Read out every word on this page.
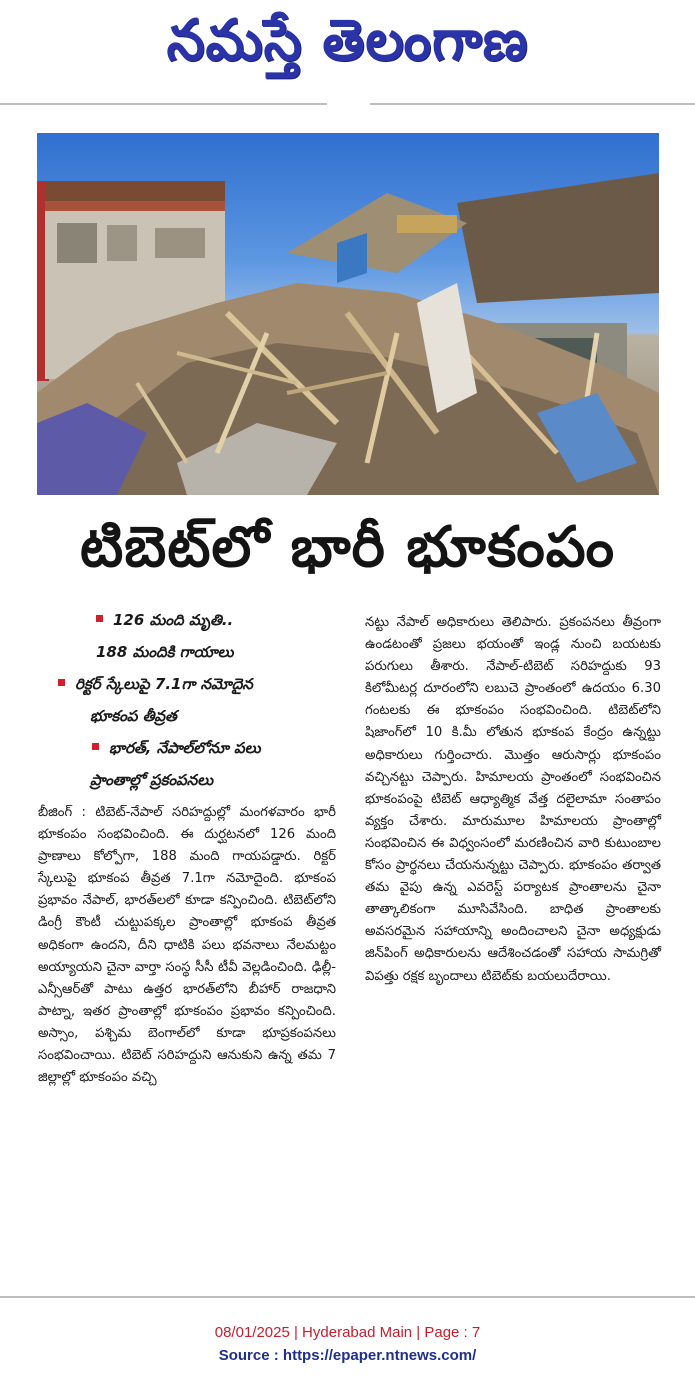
నమస్తే తెలంగాణ
టిబెట్‌లో భారీ భూకంపం
126 మంది మృతి..
188 మందికి గాయాలు
రిక్టర్ స్కేలుపై 7.1గా నమోదైన
భూకంప తీవ్రత
భారత్, నేపాల్‌లోనూ పలు
ప్రాంతాల్లో ప్రకంపనలు

బీజింగ్ : టిబెట్-నేపాల్ సరిహద్దుల్లో మంగళవారం భారీ భూకంపం సంభవించింది. ఈ దుర్ఘటనలో 126 మంది ప్రాణాలు కోల్పోగా, 188 మంది గాయపడ్డారు. రిక్టర్ స్కేలుపై భూకంప తీవ్రత 7.1గా నమోదైంది. భూకంప ప్రభావం నేపాల్, భారత్‌లలో కూడా కన్పించింది. టిబెట్‌లోని డింగ్రీ కౌంటీ చుట్టుపక్కల ప్రాంతాల్లో భూకంప తీవ్రత అధికంగా ఉందని, దీని ధాటికి పలు భవనాలు నేలమట్టం అయ్యాయని చైనా వార్తా సంస్థ సీసీ టీవీ వెల్లడించింది. ఢిల్లీ-ఎన్సీఆర్‌తో పాటు ఉత్తర భారత్‌లోని బీహార్ రాజధాని పాట్నా, ఇతర ప్రాంతాల్లో భూకంపం ప్రభావం కన్పించింది. అస్సాం, పశ్చిమ బెంగాల్‌లో కూడా భూప్రకంపనలు సంభవించాయి. టిబెట్ సరిహద్దుని ఆనుకుని ఉన్న తమ 7 జిల్లాల్లో భూకంపం వచ్చి

నట్టు నేపాల్ అధికారులు తెలిపారు. ప్రకంపనలు తీవ్రంగా ఉండటంతో ప్రజలు భయంతో ఇండ్ల నుంచి బయటకు పరుగులు తీశారు. నేపాల్-టిబెట్ సరిహద్దుకు 93 కిలోమీటర్ల దూరంలోని లబుచె ప్రాంతంలో ఉదయం 6.30 గంటలకు ఈ భూకంపం సంభవించింది. టిబెట్‌లోని షిజాంగ్‌లో 10 కి.మీ లోతున భూకంప కేంద్రం ఉన్నట్టు అధికారులు గుర్తించారు. మొత్తం ఆరుసార్లు భూకంపం వచ్చినట్టు చెప్పారు. హిమాలయ ప్రాంతంలో సంభవించిన భూకంపంపై టిబెట్ ఆధ్యాత్మిక వేత్త దలైలామా సంతాపం వ్యక్తం చేశారు. మారుమూల హిమాలయ ప్రాంతాల్లో సంభవించిన ఈ విధ్వంసంలో మరణించిన వారి కుటుంబాల కోసం ప్రార్థనలు చేయనున్నట్టు చెప్పారు. భూకంపం తర్వాత తమ వైపు ఉన్న ఎవరెస్ట్ పర్యాటక ప్రాంతాలను చైనా తాత్కాలికంగా మూసివేసింది. బాధిత ప్రాంతాలకు అవసరమైన సహాయాన్ని అందించాలని చైనా అధ్యక్షుడు జిన్‌పింగ్ అధికారులను ఆదేశించడంతో సహాయ సామగ్రితో విపత్తు రక్షక బృందాలు టిబెట్‌కు బయలుదేరాయి.

08/01/2025 | Hyderabad Main | Page : 7
Source : https://epaper.ntnews.com/
